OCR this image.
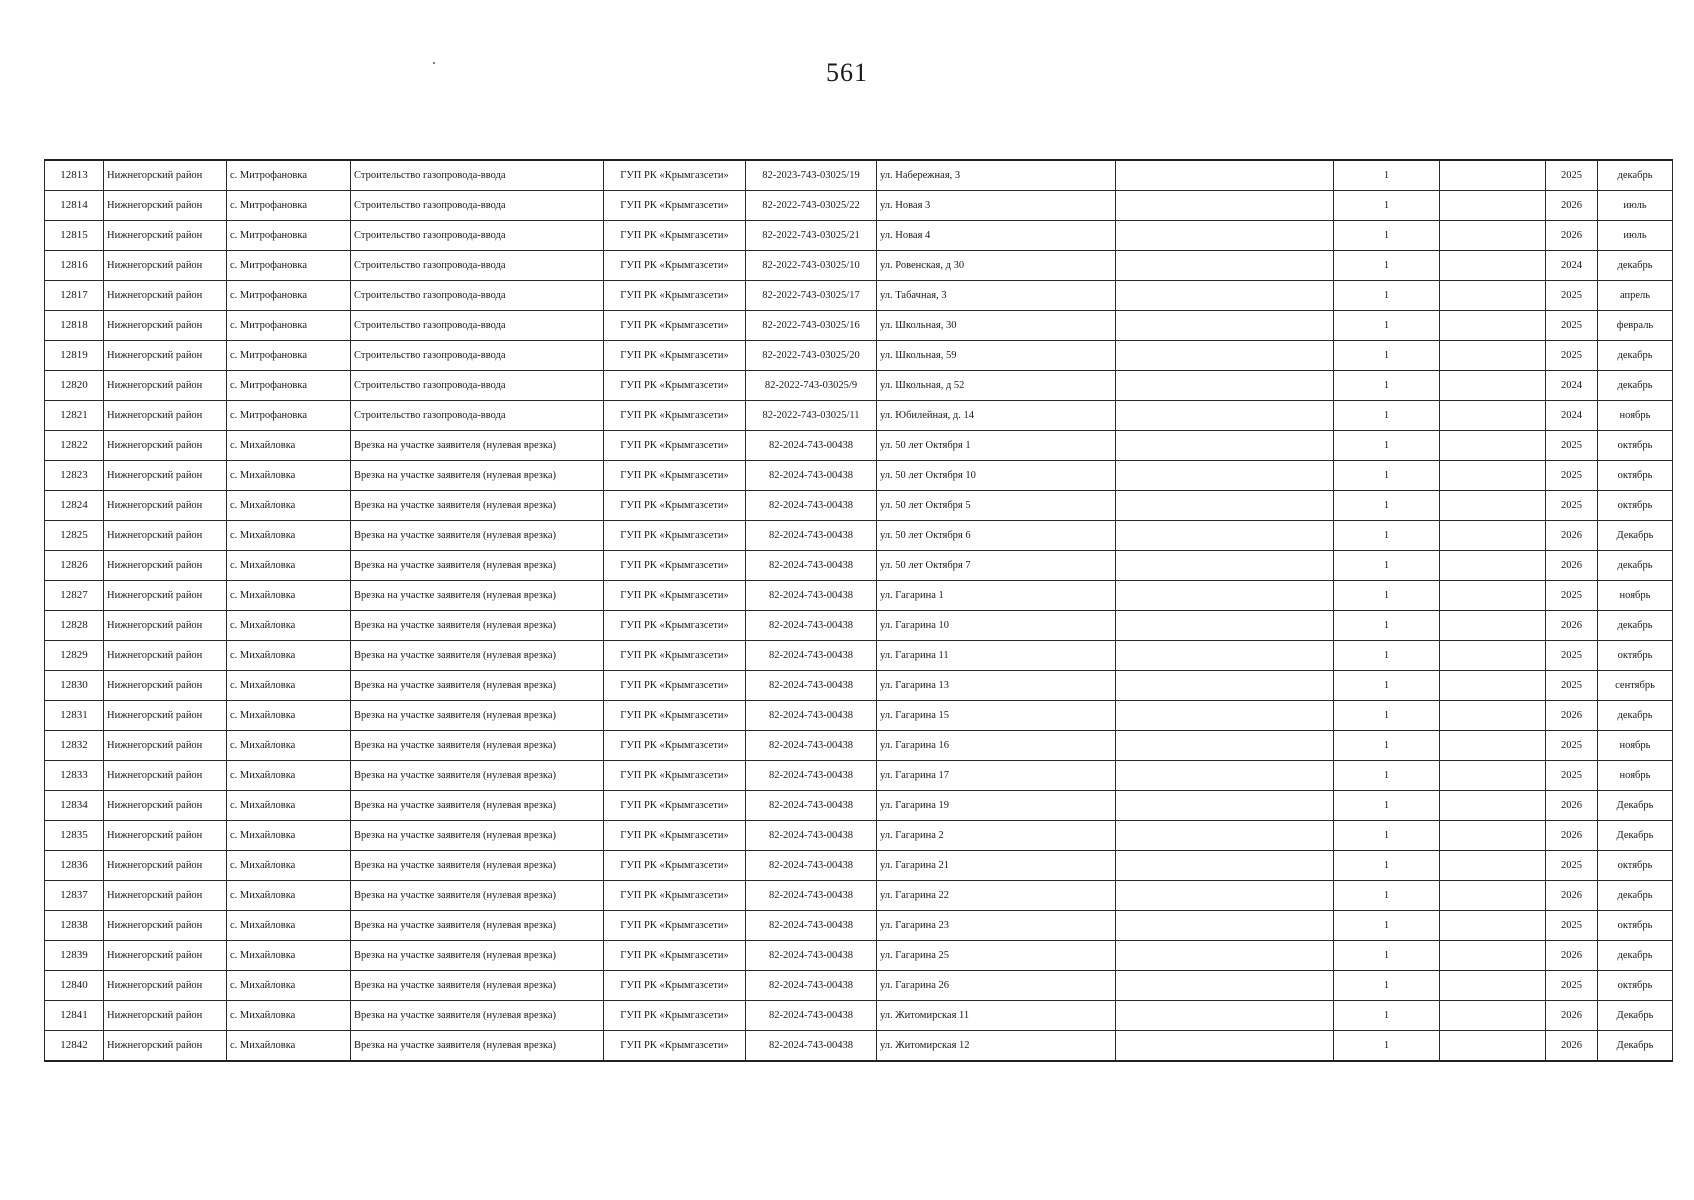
561
12813	Нижнегорский район	с. Митрофановка	Строительство газопровода-ввода	ГУП РК «Крымгазсети»	82-2023-743-03025/19	ул. Набережная, 3		1		2025	декабрь
12814	Нижнегорский район	с. Митрофановка	Строительство газопровода-ввода	ГУП РК «Крымгазсети»	82-2022-743-03025/22	ул. Новая 3		1		2026	июль
12815	Нижнегорский район	с. Митрофановка	Строительство газопровода-ввода	ГУП РК «Крымгазсети»	82-2022-743-03025/21	ул. Новая 4		1		2026	июль
12816	Нижнегорский район	с. Митрофановка	Строительство газопровода-ввода	ГУП РК «Крымгазсети»	82-2022-743-03025/10	ул. Ровенская, д 30		1		2024	декабрь
12817	Нижнегорский район	с. Митрофановка	Строительство газопровода-ввода	ГУП РК «Крымгазсети»	82-2022-743-03025/17	ул. Табачная, 3		1		2025	апрель
12818	Нижнегорский район	с. Митрофановка	Строительство газопровода-ввода	ГУП РК «Крымгазсети»	82-2022-743-03025/16	ул. Школьная, 30		1		2025	февраль
12819	Нижнегорский район	с. Митрофановка	Строительство газопровода-ввода	ГУП РК «Крымгазсети»	82-2022-743-03025/20	ул. Школьная, 59		1		2025	декабрь
12820	Нижнегорский район	с. Митрофановка	Строительство газопровода-ввода	ГУП РК «Крымгазсети»	82-2022-743-03025/9	ул. Школьная, д 52		1		2024	декабрь
12821	Нижнегорский район	с. Митрофановка	Строительство газопровода-ввода	ГУП РК «Крымгазсети»	82-2022-743-03025/11	ул. Юбилейная, д. 14		1		2024	ноябрь
12822	Нижнегорский район	с. Михайловка	Врезка на участке заявителя (нулевая врезка)	ГУП РК «Крымгазсети»	82-2024-743-00438	ул. 50 лет Октября 1		1		2025	октябрь
12823	Нижнегорский район	с. Михайловка	Врезка на участке заявителя (нулевая врезка)	ГУП РК «Крымгазсети»	82-2024-743-00438	ул. 50 лет Октября 10		1		2025	октябрь
12824	Нижнегорский район	с. Михайловка	Врезка на участке заявителя (нулевая врезка)	ГУП РК «Крымгазсети»	82-2024-743-00438	ул. 50 лет Октября 5		1		2025	октябрь
12825	Нижнегорский район	с. Михайловка	Врезка на участке заявителя (нулевая врезка)	ГУП РК «Крымгазсети»	82-2024-743-00438	ул. 50 лет Октября 6		1		2026	Декабрь
12826	Нижнегорский район	с. Михайловка	Врезка на участке заявителя (нулевая врезка)	ГУП РК «Крымгазсети»	82-2024-743-00438	ул. 50 лет Октября 7		1		2026	декабрь
12827	Нижнегорский район	с. Михайловка	Врезка на участке заявителя (нулевая врезка)	ГУП РК «Крымгазсети»	82-2024-743-00438	ул. Гагарина 1		1		2025	ноябрь
12828	Нижнегорский район	с. Михайловка	Врезка на участке заявителя (нулевая врезка)	ГУП РК «Крымгазсети»	82-2024-743-00438	ул. Гагарина 10		1		2026	декабрь
12829	Нижнегорский район	с. Михайловка	Врезка на участке заявителя (нулевая врезка)	ГУП РК «Крымгазсети»	82-2024-743-00438	ул. Гагарина 11		1		2025	октябрь
12830	Нижнегорский район	с. Михайловка	Врезка на участке заявителя (нулевая врезка)	ГУП РК «Крымгазсети»	82-2024-743-00438	ул. Гагарина 13		1		2025	сентябрь
12831	Нижнегорский район	с. Михайловка	Врезка на участке заявителя (нулевая врезка)	ГУП РК «Крымгазсети»	82-2024-743-00438	ул. Гагарина 15		1		2026	декабрь
12832	Нижнегорский район	с. Михайловка	Врезка на участке заявителя (нулевая врезка)	ГУП РК «Крымгазсети»	82-2024-743-00438	ул. Гагарина 16		1		2025	ноябрь
12833	Нижнегорский район	с. Михайловка	Врезка на участке заявителя (нулевая врезка)	ГУП РК «Крымгазсети»	82-2024-743-00438	ул. Гагарина 17		1		2025	ноябрь
12834	Нижнегорский район	с. Михайловка	Врезка на участке заявителя (нулевая врезка)	ГУП РК «Крымгазсети»	82-2024-743-00438	ул. Гагарина 19		1		2026	Декабрь
12835	Нижнегорский район	с. Михайловка	Врезка на участке заявителя (нулевая врезка)	ГУП РК «Крымгазсети»	82-2024-743-00438	ул. Гагарина 2		1		2026	Декабрь
12836	Нижнегорский район	с. Михайловка	Врезка на участке заявителя (нулевая врезка)	ГУП РК «Крымгазсети»	82-2024-743-00438	ул. Гагарина 21		1		2025	октябрь
12837	Нижнегорский район	с. Михайловка	Врезка на участке заявителя (нулевая врезка)	ГУП РК «Крымгазсети»	82-2024-743-00438	ул. Гагарина 22		1		2026	декабрь
12838	Нижнегорский район	с. Михайловка	Врезка на участке заявителя (нулевая врезка)	ГУП РК «Крымгазсети»	82-2024-743-00438	ул. Гагарина 23		1		2025	октябрь
12839	Нижнегорский район	с. Михайловка	Врезка на участке заявителя (нулевая врезка)	ГУП РК «Крымгазсети»	82-2024-743-00438	ул. Гагарина 25		1		2026	декабрь
12840	Нижнегорский район	с. Михайловка	Врезка на участке заявителя (нулевая врезка)	ГУП РК «Крымгазсети»	82-2024-743-00438	ул. Гагарина 26		1		2025	октябрь
12841	Нижнегорский район	с. Михайловка	Врезка на участке заявителя (нулевая врезка)	ГУП РК «Крымгазсети»	82-2024-743-00438	ул. Житомирская 11		1		2026	Декабрь
12842	Нижнегорский район	с. Михайловка	Врезка на участке заявителя (нулевая врезка)	ГУП РК «Крымгазсети»	82-2024-743-00438	ул. Житомирская 12		1		2026	Декабрь
